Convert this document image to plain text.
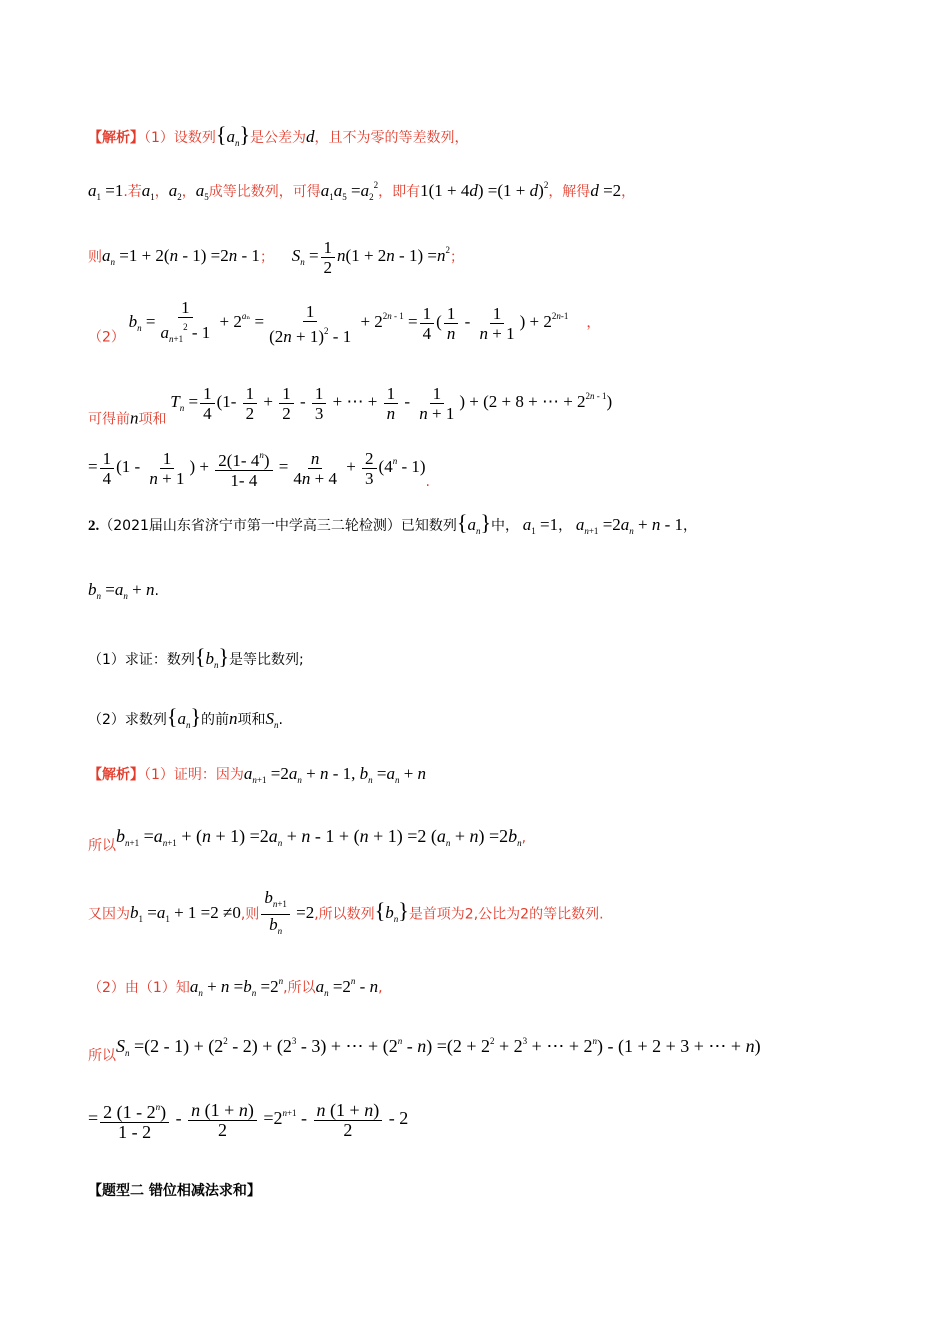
【解析】（1）设数列$\{a_n\}$是公差为d，且不为零的等差数列，
$a_1 =1$.若$a_1$，$a_2$，$a_5$成等比数列，可得$a_1a_5 =a_2^2$，即有$1(1 + 4d) =(1 + d)^2$，解得d =2，
则$a_n =1 + 2(n - 1) =2n - 1$； $S_n = \frac{1}{2} n(1 + 2n - 1) =n^2$；
（2） $b_n = \frac{1}{a_{n+1}^2 - 1} + 2^{a_n} = \frac{1}{(2n + 1)^2 - 1} + 2^{2n - 1} = \frac{1}{4}$ ( $\frac{1}{n} - \frac{1}{n + 1}$ ) + $2^{2n-1}$ ，
可得前n项和 $T_n = \frac{1}{4} (1- \frac{1}{2} + \frac{1}{2} - \frac{1}{3}$ + ⋯ + $\frac{1}{n} - \frac{1}{n + 1}$ ) + (2 + 8 + ⋯ + $2^{2n - 1}$)
= $\frac{1}{4} (1 - \frac{1}{n + 1}$ ) + $\frac{2(1- 4^n)}{1- 4} = \frac{n}{4n + 4} + \frac{2}{3} (4^n - 1)$.
2.（2021届山东省济宁市第一中学高三二轮检测）已知数列$\{a_n\}$中， $a_1 =1$， $a_{n+1} =2a_n + n - 1$，
$b_n =a_n + n$.
（1）求证：数列$\{b_n\}$是等比数列;
（2）求数列$\{a_n\}$的前n项和$S_n$.
【解析】（1）证明：因为$a_{n+1} =2a_n + n - 1$, $b_n =a_n + n$
所以$b_{n+1} =a_{n+1} + (n + 1) =2a_n + n - 1 + (n + 1) =2$ $(a_n + n) =2b_n$,
又因为$b_1 =a_1 + 1 =2 \ne 0$,则 $\frac{b_{n+1}}{b_n} =2$,所以数列$\{b_n\}$是首项为2,公比为2的等比数列.
（2）由（1）知$a_n + n =b_n =2^n$,所以$a_n =2^n - n$,
所以$S_n =(2 - 1) + (2^2 - 2) + (2^3 - 3)$ + ⋯ + $(2^n - n) =(2 + 2^2 + 2^3$ + ⋯ + $2^n) - (1 + 2 + 3$ + ⋯ + n)
= $\frac{2 (1 - 2^n)}{1 - 2} - \frac{n (1 + n)}{2} =2^{n+1} - \frac{n (1 + n)}{2} - 2$
【题型二 错位相减法求和】
